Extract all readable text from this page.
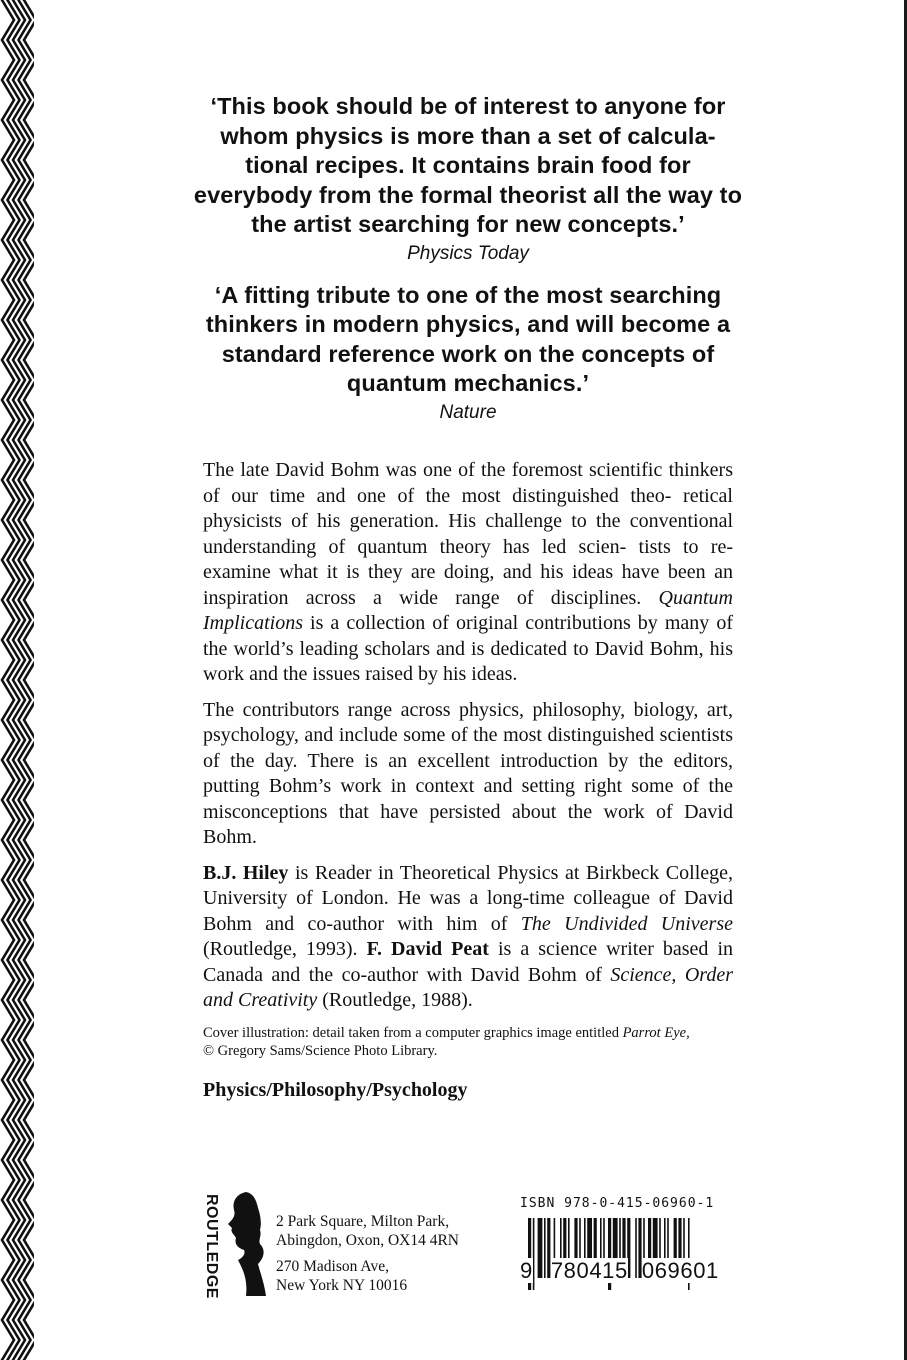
‘This book should be of interest to anyone for whom physics is more than a set of calcula- tional recipes. It contains brain food for everybody from the formal theorist all the way to the artist searching for new concepts.’

Physics Today

‘A fitting tribute to one of the most searching thinkers in modern physics, and will become a standard reference work on the concepts of quantum mechanics.’

Nature

The late David Bohm was one of the foremost scientific thinkers of our time and one of the most distinguished theo- retical physicists of his generation. His challenge to the conventional understanding of quantum theory has led scien- tists to re-examine what it is they are doing, and his ideas have been an inspiration across a wide range of disciplines. Quantum Implications is a collection of original contributions by many of the world’s leading scholars and is dedicated to David Bohm, his work and the issues raised by his ideas.

The contributors range across physics, philosophy, biology, art, psychology, and include some of the most distinguished scientists of the day. There is an excellent introduction by the editors, putting Bohm’s work in context and setting right some of the misconceptions that have persisted about the work of David Bohm.

B.J. Hiley is Reader in Theoretical Physics at Birkbeck College, University of London. He was a long-time colleague of David Bohm and co-author with him of The Undivided Universe (Routledge, 1993). F. David Peat is a science writer based in Canada and the co-author with David Bohm of Science, Order and Creativity (Routledge, 1988).

Cover illustration: detail taken from a computer graphics image entitled Parrot Eye,
© Gregory Sams/Science Photo Library.

Physics/Philosophy/Psychology

ROUTLEDGE	2 Park Square, Milton Park,
Abingdon, Oxon, OX14 4RN
270 Madison Ave,
New York NY 10016
ISBN 978-0-415-06960-1
9 780415 069601
